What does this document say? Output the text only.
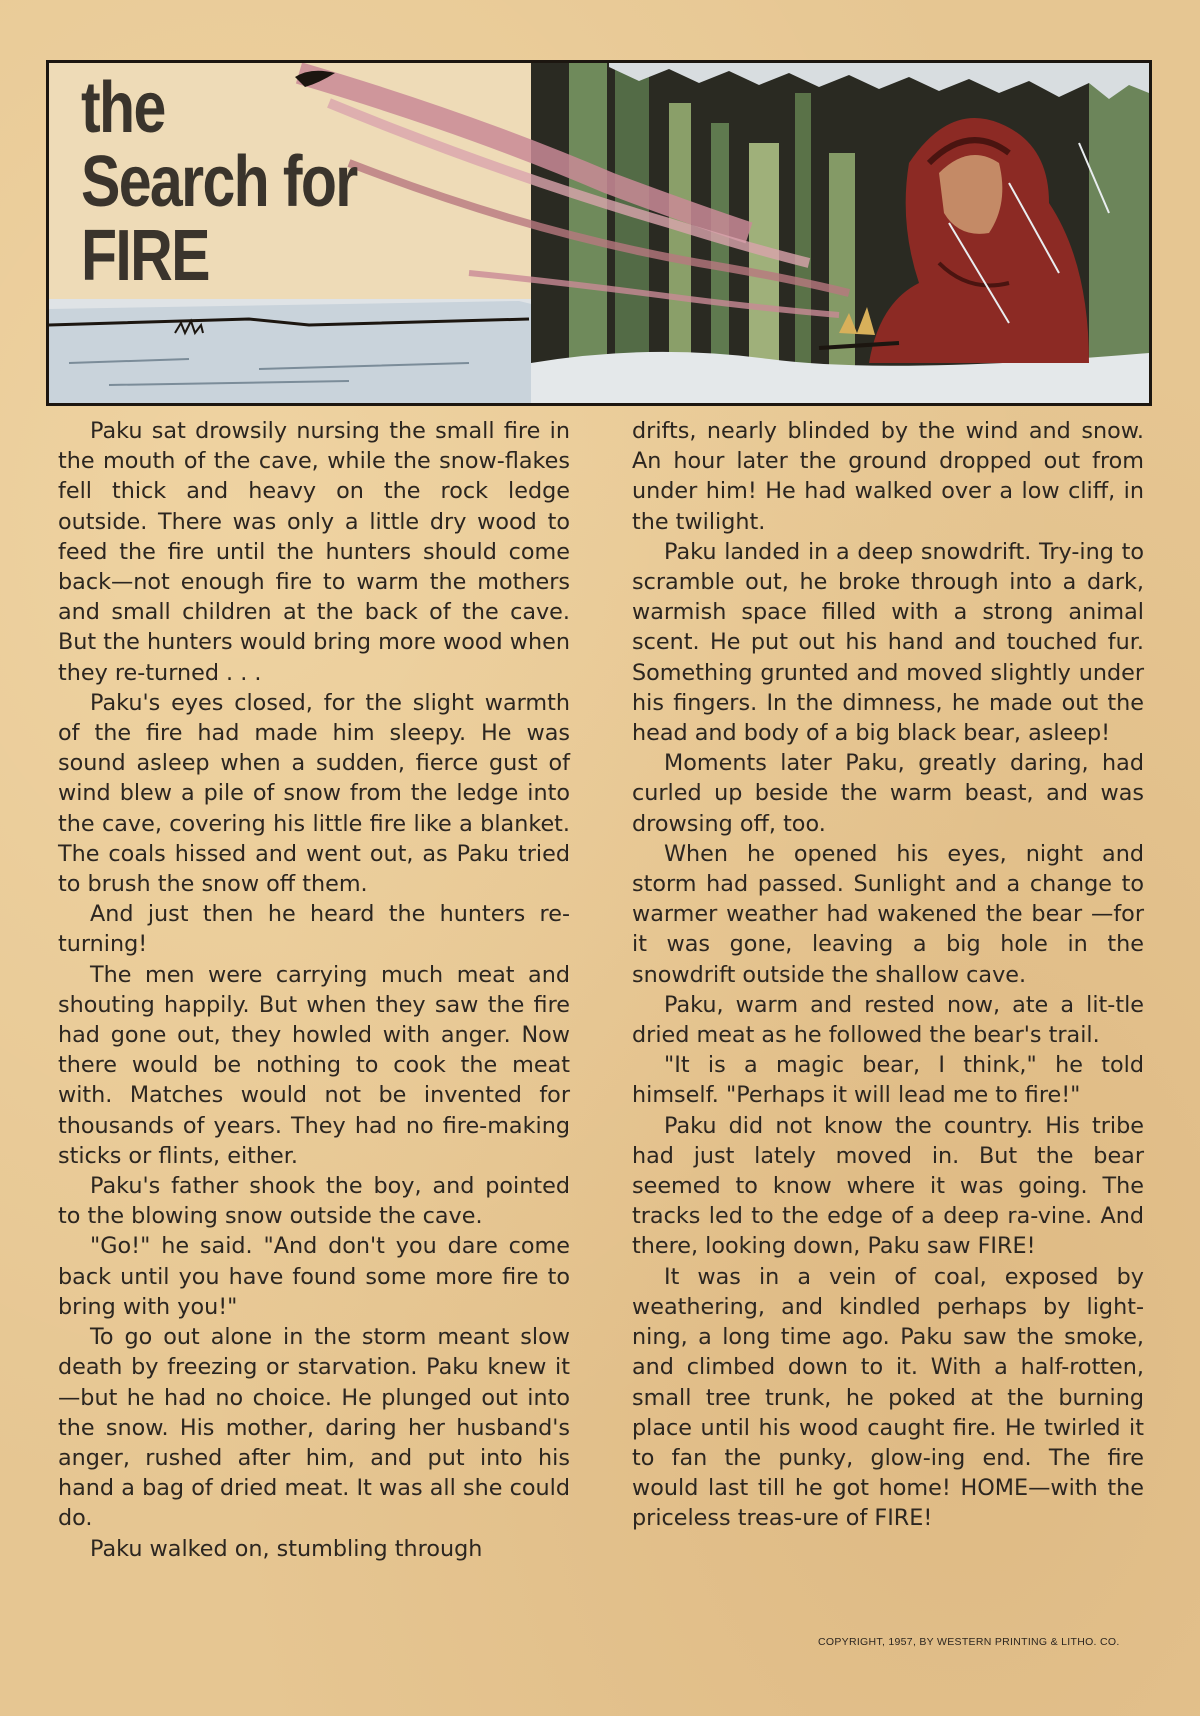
the
Search for
FIRE

Paku sat drowsily nursing the small fire in the mouth of the cave, while the snow-flakes fell thick and heavy on the rock ledge outside. There was only a little dry wood to feed the fire until the hunters should come back—not enough fire to warm the mothers and small children at the back of the cave. But the hunters would bring more wood when they re-turned . . .

Paku's eyes closed, for the slight warmth of the fire had made him sleepy. He was sound asleep when a sudden, fierce gust of wind blew a pile of snow from the ledge into the cave, covering his little fire like a blanket. The coals hissed and went out, as Paku tried to brush the snow off them.

And just then he heard the hunters re-turning!

The men were carrying much meat and shouting happily. But when they saw the fire had gone out, they howled with anger. Now there would be nothing to cook the meat with. Matches would not be invented for thousands of years. They had no fire-making sticks or flints, either.

Paku's father shook the boy, and pointed to the blowing snow outside the cave.

"Go!" he said. "And don't you dare come back until you have found some more fire to bring with you!"

To go out alone in the storm meant slow death by freezing or starvation. Paku knew it—but he had no choice. He plunged out into the snow. His mother, daring her husband's anger, rushed after him, and put into his hand a bag of dried meat. It was all she could do.

Paku walked on, stumbling through

drifts, nearly blinded by the wind and snow. An hour later the ground dropped out from under him! He had walked over a low cliff, in the twilight.

Paku landed in a deep snowdrift. Try-ing to scramble out, he broke through into a dark, warmish space filled with a strong animal scent. He put out his hand and touched fur. Something grunted and moved slightly under his fingers. In the dimness, he made out the head and body of a big black bear, asleep!

Moments later Paku, greatly daring, had curled up beside the warm beast, and was drowsing off, too.

When he opened his eyes, night and storm had passed. Sunlight and a change to warmer weather had wakened the bear —for it was gone, leaving a big hole in the snowdrift outside the shallow cave.

Paku, warm and rested now, ate a lit-tle dried meat as he followed the bear's trail.

"It is a magic bear, I think," he told himself. "Perhaps it will lead me to fire!"

Paku did not know the country. His tribe had just lately moved in. But the bear seemed to know where it was going. The tracks led to the edge of a deep ra-vine. And there, looking down, Paku saw FIRE!

It was in a vein of coal, exposed by weathering, and kindled perhaps by light-ning, a long time ago. Paku saw the smoke, and climbed down to it. With a half-rotten, small tree trunk, he poked at the burning place until his wood caught fire. He twirled it to fan the punky, glow-ing end. The fire would last till he got home! HOME—with the priceless treas-ure of FIRE!

COPYRIGHT, 1957, BY WESTERN PRINTING & LITHO. CO.
